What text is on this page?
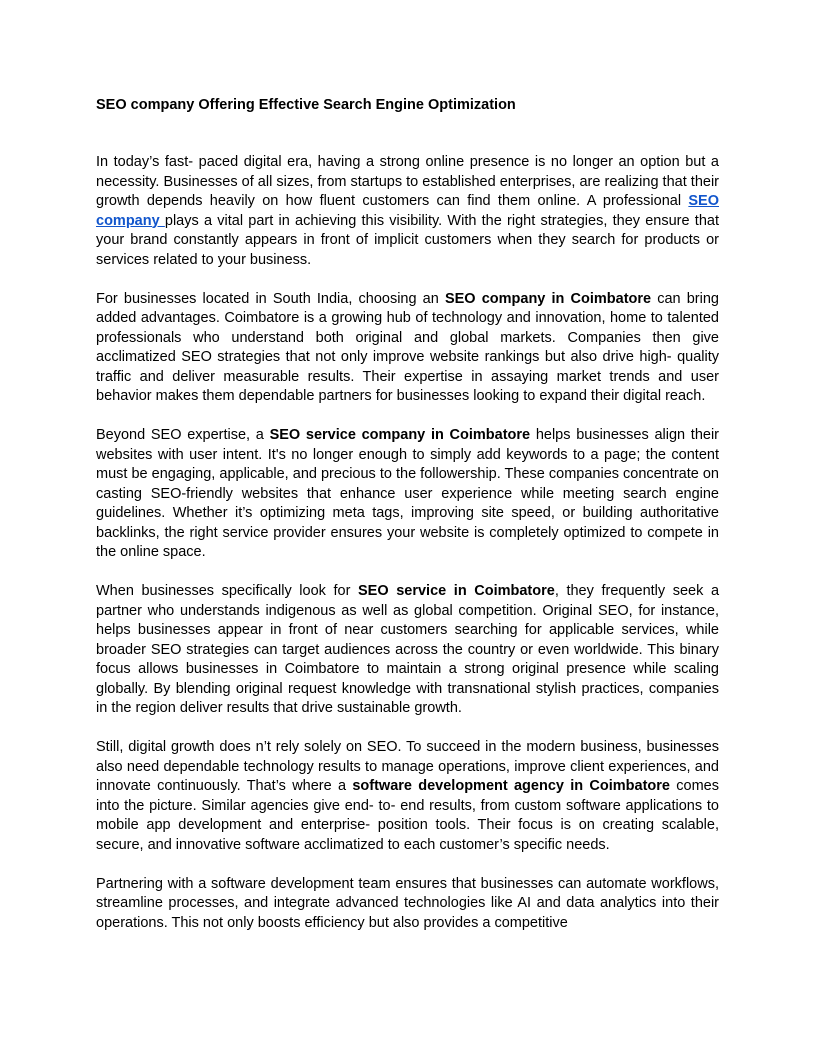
SEO company Offering Effective Search Engine Optimization

In today’s fast- paced digital era, having a strong online presence is no longer an option but a necessity. Businesses of all sizes, from startups to established enterprises, are realizing that their growth depends heavily on how fluent customers can find them online. A professional SEO company plays a vital part in achieving this visibility. With the right strategies, they ensure that your brand constantly appears in front of implicit customers when they search for products or services related to your business.

For businesses located in South India, choosing an SEO company in Coimbatore can bring added advantages. Coimbatore is a growing hub of technology and innovation, home to talented professionals who understand both original and global markets. Companies then give acclimatized SEO strategies that not only improve website rankings but also drive high- quality traffic and deliver measurable results. Their expertise in assaying market trends and user behavior makes them dependable partners for businesses looking to expand their digital reach.

Beyond SEO expertise, a SEO service company in Coimbatore helps businesses align their websites with user intent. It's no longer enough to simply add keywords to a page; the content must be engaging, applicable, and precious to the followership. These companies concentrate on casting SEO-friendly websites that enhance user experience while meeting search engine guidelines. Whether it’s optimizing meta tags, improving site speed, or building authoritative backlinks, the right service provider ensures your website is completely optimized to compete in the online space.

When businesses specifically look for SEO service in Coimbatore, they frequently seek a partner who understands indigenous as well as global competition. Original SEO, for instance, helps businesses appear in front of near customers searching for applicable services, while broader SEO strategies can target audiences across the country or even worldwide. This binary focus allows businesses in Coimbatore to maintain a strong original presence while scaling globally. By blending original request knowledge with transnational stylish practices, companies in the region deliver results that drive sustainable growth.

Still, digital growth does n’t rely solely on SEO. To succeed in the modern business, businesses also need dependable technology results to manage operations, improve client experiences, and innovate continuously. That’s where a software development agency in Coimbatore comes into the picture. Similar agencies give end- to- end results, from custom software applications to mobile app development and enterprise- position tools. Their focus is on creating scalable, secure, and innovative software acclimatized to each customer’s specific needs.

Partnering with a software development team ensures that businesses can automate workflows, streamline processes, and integrate advanced technologies like AI and data analytics into their operations. This not only boosts efficiency but also provides a competitive
